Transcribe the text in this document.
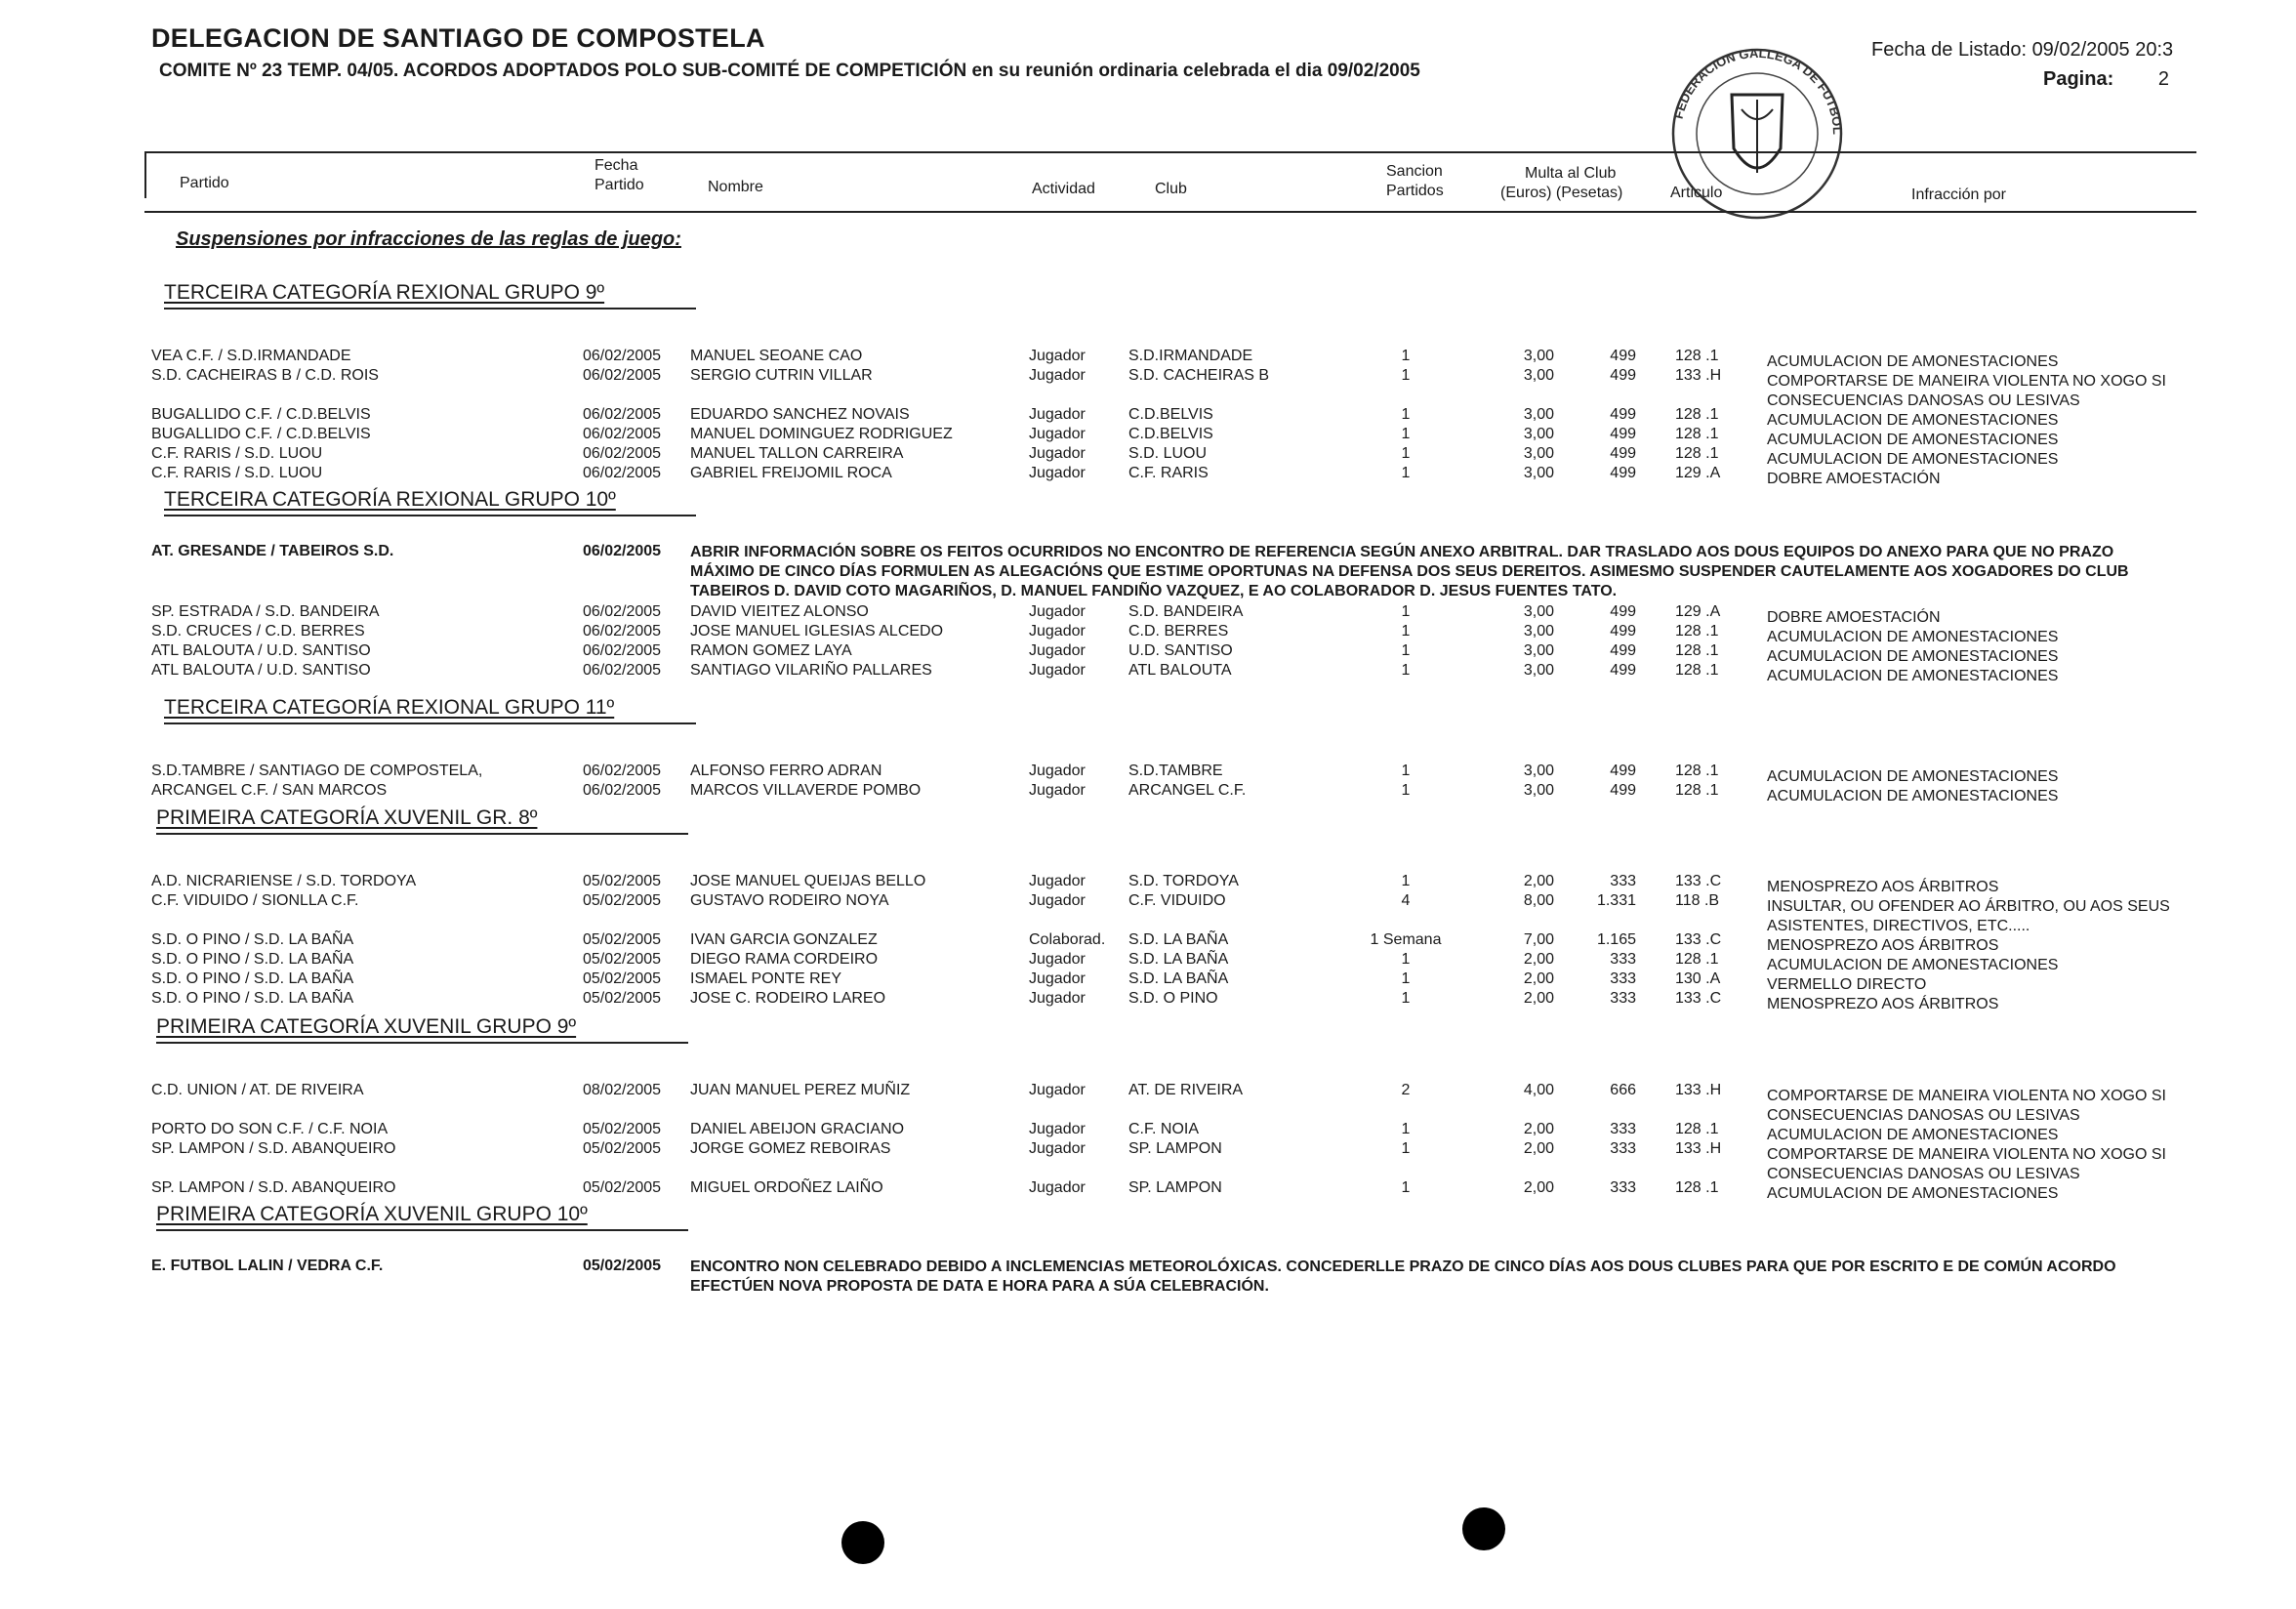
DELEGACION DE SANTIAGO DE COMPOSTELA
COMITE Nº 23 TEMP. 04/05. ACORDOS ADOPTADOS POLO SUB-COMITÉ DE COMPETICIÓN en su reunión ordinaria celebrada el dia 09/02/2005
Fecha de Listado: 09/02/2005 20:3
Pagina: 2
FEDERACION GALLEGA DE FUTBOL
Partido
Fecha
Partido	Nombre	Actividad	Club
Sancion
Partidos
Multa al Club
(Euros) (Pesetas)	Articulo	Infracción por
Suspensiones por infracciones de las reglas de juego:
TERCEIRA CATEGORÍA REXIONAL GRUPO 9º
VEA C.F. / S.D.IRMANDADE	06/02/2005 MANUEL SEOANE CAO	Jugador	S.D.IRMANDADE	1	3,00	499	128 .1	ACUMULACION DE AMONESTACIONES
S.D. CACHEIRAS B / C.D. ROIS	06/02/2005 SERGIO CUTRIN VILLAR	Jugador	S.D. CACHEIRAS B	1	3,00	499	133 .H	COMPORTARSE DE MANEIRA VIOLENTA NO XOGO SI
CONSECUENCIAS DANOSAS OU LESIVAS
BUGALLIDO C.F. / C.D.BELVIS	06/02/2005 EDUARDO SANCHEZ NOVAIS	Jugador	C.D.BELVIS	1	3,00	499	128 .1	ACUMULACION DE AMONESTACIONES
BUGALLIDO C.F. / C.D.BELVIS	06/02/2005 MANUEL DOMINGUEZ RODRIGUEZ	Jugador	C.D.BELVIS	1	3,00	499	128 .1	ACUMULACION DE AMONESTACIONES
C.F. RARIS / S.D. LUOU	06/02/2005 MANUEL TALLON CARREIRA	Jugador	S.D. LUOU	1	3,00	499	128 .1	ACUMULACION DE AMONESTACIONES
C.F. RARIS / S.D. LUOU	06/02/2005 GABRIEL FREIJOMIL ROCA	Jugador	C.F. RARIS	1	3,00	499	129 .A	DOBRE AMOESTACIÓN
TERCEIRA CATEGORÍA REXIONAL GRUPO 10º
AT. GRESANDE / TABEIROS S.D.	06/02/2005 ABRIR INFORMACIÓN SOBRE OS FEITOS OCURRIDOS NO ENCONTRO DE REFERENCIA SEGÚN ANEXO ARBITRAL. DAR TRASLADO AOS DOUS EQUIPOS DO ANEXO PARA QUE NO PRAZO MÁXIMO DE CINCO DÍAS FORMULEN AS ALEGACIÓNS QUE ESTIME OPORTUNAS NA DEFENSA DOS SEUS DEREITOS. ASIMESMO SUSPENDER CAUTELAMENTE AOS XOGADORES DO CLUB TABEIROS D. DAVID COTO MAGARIÑOS, D. MANUEL FANDIÑO VAZQUEZ, E AO COLABORADOR D. JESUS FUENTES TATO.
SP. ESTRADA / S.D. BANDEIRA	06/02/2005 DAVID VIEITEZ ALONSO	Jugador	S.D. BANDEIRA	1	3,00	499	129 .A	DOBRE AMOESTACIÓN
S.D. CRUCES / C.D. BERRES	06/02/2005 JOSE MANUEL IGLESIAS ALCEDO	Jugador	C.D. BERRES	1	3,00	499	128 .1	ACUMULACION DE AMONESTACIONES
ATL BALOUTA / U.D. SANTISO	06/02/2005 RAMON GOMEZ LAYA	Jugador	U.D. SANTISO	1	3,00	499	128 .1	ACUMULACION DE AMONESTACIONES
ATL BALOUTA / U.D. SANTISO	06/02/2005 SANTIAGO VILARIÑO PALLARES	Jugador	ATL BALOUTA	1	3,00	499	128 .1	ACUMULACION DE AMONESTACIONES
TERCEIRA CATEGORÍA REXIONAL GRUPO 11º
S.D.TAMBRE / SANTIAGO DE COMPOSTELA,	06/02/2005 ALFONSO FERRO ADRAN	Jugador	S.D.TAMBRE	1	3,00	499	128 .1	ACUMULACION DE AMONESTACIONES
ARCANGEL C.F. / SAN MARCOS	06/02/2005 MARCOS VILLAVERDE POMBO	Jugador	ARCANGEL C.F.	1	3,00	499	128 .1	ACUMULACION DE AMONESTACIONES
PRIMEIRA CATEGORÍA XUVENIL GR. 8º
A.D. NICRARIENSE / S.D. TORDOYA	05/02/2005 JOSE MANUEL QUEIJAS BELLO	Jugador	S.D. TORDOYA	1	2,00	333	133 .C	MENOSPREZO AOS ÁRBITROS
C.F. VIDUIDO / SIONLLA C.F.	05/02/2005 GUSTAVO RODEIRO NOYA	Jugador	C.F. VIDUIDO	4	8,00	1.331	118 .B	INSULTAR, OU OFENDER AO ÁRBITRO, OU AOS SEUS
ASISTENTES, DIRECTIVOS, ETC.....
S.D. O PINO / S.D. LA BAÑA	05/02/2005 IVAN GARCIA GONZALEZ	Colaborad. S.D. LA BAÑA	1 Semana	7,00	1.165	133 .C	MENOSPREZO AOS ÁRBITROS
S.D. O PINO / S.D. LA BAÑA	05/02/2005 DIEGO RAMA CORDEIRO	Jugador	S.D. LA BAÑA	1	2,00	333	128 .1	ACUMULACION DE AMONESTACIONES
S.D. O PINO / S.D. LA BAÑA	05/02/2005 ISMAEL PONTE REY	Jugador	S.D. LA BAÑA	1	2,00	333	130 .A	VERMELLO DIRECTO
S.D. O PINO / S.D. LA BAÑA	05/02/2005 JOSE C. RODEIRO LAREO	Jugador	S.D. O PINO	1	2,00	333	133 .C	MENOSPREZO AOS ÁRBITROS
PRIMEIRA CATEGORÍA XUVENIL GRUPO 9º
C.D. UNION / AT. DE RIVEIRA	08/02/2005 JUAN MANUEL PEREZ MUÑIZ	Jugador	AT. DE RIVEIRA	2	4,00	666	133 .H	COMPORTARSE DE MANEIRA VIOLENTA NO XOGO SI
CONSECUENCIAS DANOSAS OU LESIVAS
PORTO DO SON C.F. / C.F. NOIA	05/02/2005 DANIEL ABEIJON GRACIANO	Jugador	C.F. NOIA	1	2,00	333	128 .1	ACUMULACION DE AMONESTACIONES
SP. LAMPON / S.D. ABANQUEIRO	05/02/2005 JORGE GOMEZ REBOIRAS	Jugador	SP. LAMPON	1	2,00	333	133 .H	COMPORTARSE DE MANEIRA VIOLENTA NO XOGO SI
CONSECUENCIAS DANOSAS OU LESIVAS
SP. LAMPON / S.D. ABANQUEIRO	05/02/2005 MIGUEL ORDOÑEZ LAIÑO	Jugador	SP. LAMPON	1	2,00	333	128 .1	ACUMULACION DE AMONESTACIONES
PRIMEIRA CATEGORÍA XUVENIL GRUPO 10º
E. FUTBOL LALIN / VEDRA C.F.	05/02/2005 ENCONTRO NON CELEBRADO DEBIDO A INCLEMENCIAS METEOROLÓXICAS. CONCEDERLLE PRAZO DE CINCO DÍAS AOS DOUS CLUBES PARA QUE POR ESCRITO E DE COMÚN ACORDO EFECTÚEN NOVA PROPOSTA DE DATA E HORA PARA A SÚA CELEBRACIÓN.
